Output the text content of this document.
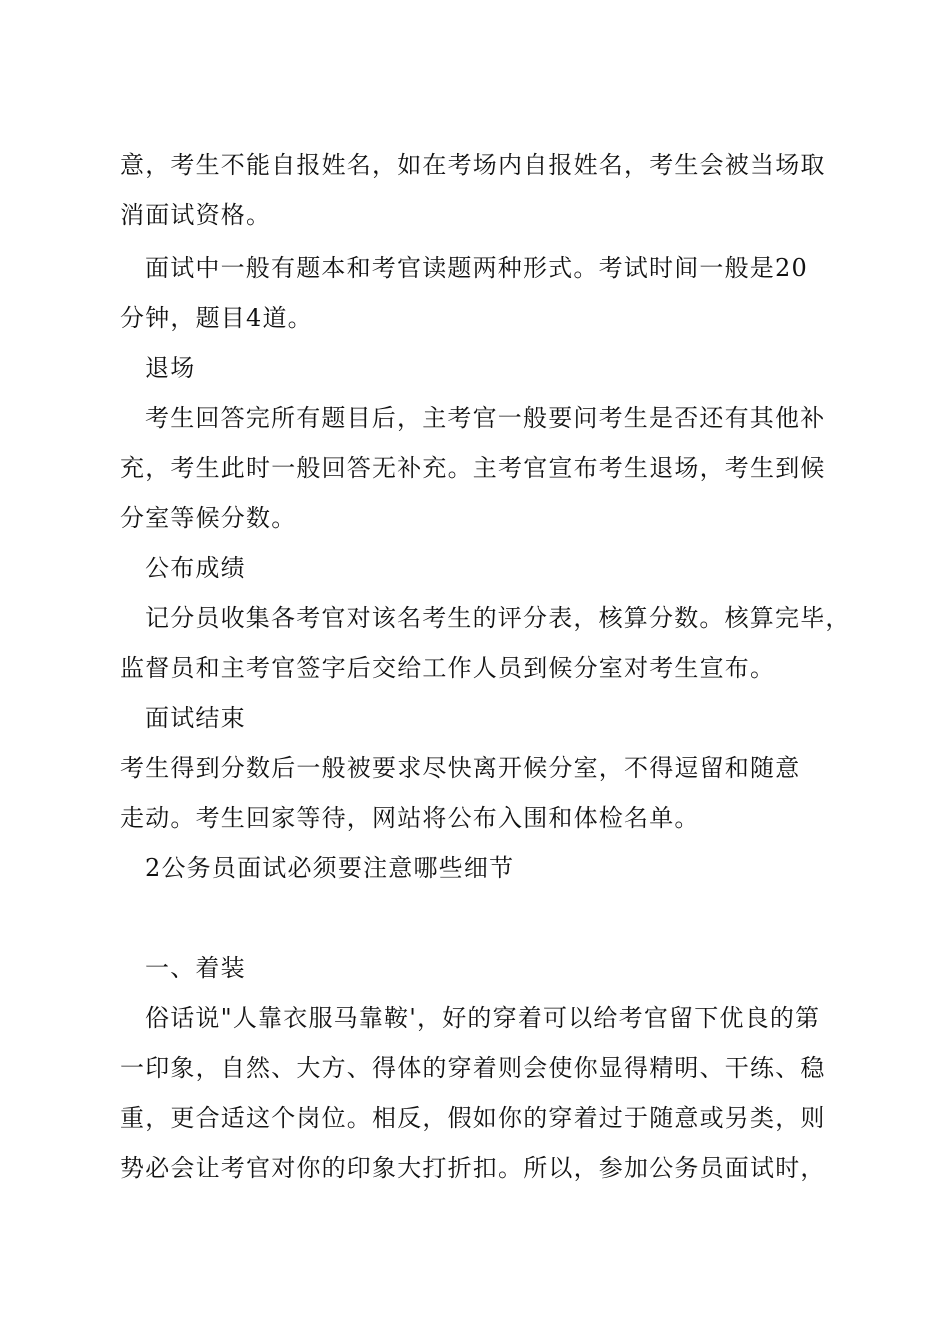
意，考生不能自报姓名，如在考场内自报姓名，考生会被当场取
消面试资格。
面试中一般有题本和考官读题两种形式。考试时间一般是20
分钟，题目4道。
退场
考生回答完所有题目后，主考官一般要问考生是否还有其他补
充，考生此时一般回答无补充。主考官宣布考生退场，考生到候
分室等候分数。
公布成绩
记分员收集各考官对该名考生的评分表，核算分数。核算完毕，
监督员和主考官签字后交给工作人员到候分室对考生宣布。
面试结束
考生得到分数后一般被要求尽快离开候分室，不得逗留和随意
走动。考生回家等待，网站将公布入围和体检名单。
2公务员面试必须要注意哪些细节
一、着装
俗话说"人靠衣服马靠鞍'，好的穿着可以给考官留下优良的第
一印象，自然、大方、得体的穿着则会使你显得精明、干练、稳
重，更合适这个岗位。相反，假如你的穿着过于随意或另类，则
势必会让考官对你的印象大打折扣。所以，参加公务员面试时，
